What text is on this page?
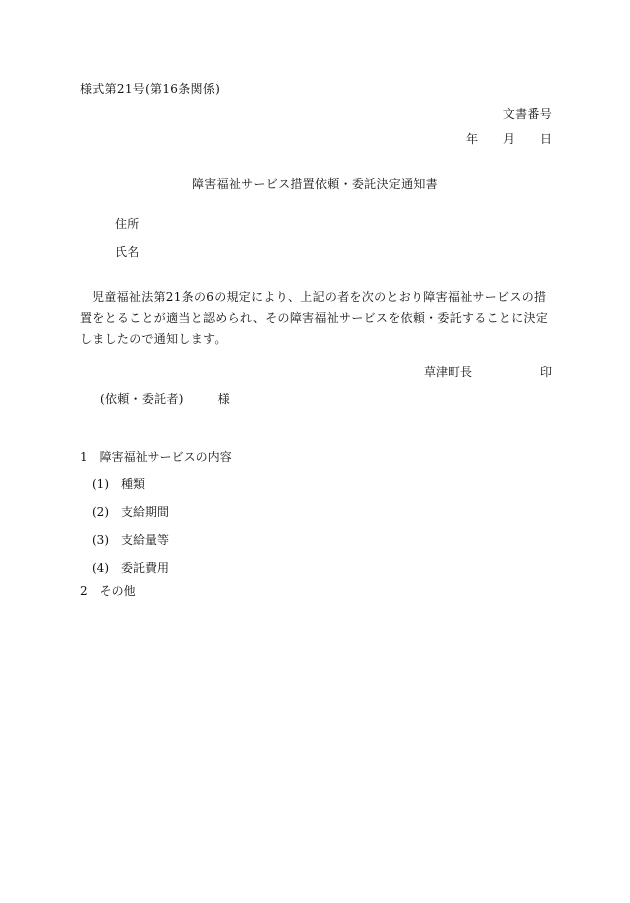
様式第21号(第16条関係)
文書番号
年 月 日
障害福祉サービス措置依頼・委託決定通知書
住所
氏名
児童福祉法第21条の6の規定により、上記の者を次のとおり障害福祉サービスの措置をとることが適当と認められ、その障害福祉サービスを依頼・委託することに決定しましたので通知します。
草津町長	印
(依頼・委託者)	様
1 障害福祉サービスの内容
(1) 種類
(2) 支給期間
(3) 支給量等
(4) 委託費用
2 その他
